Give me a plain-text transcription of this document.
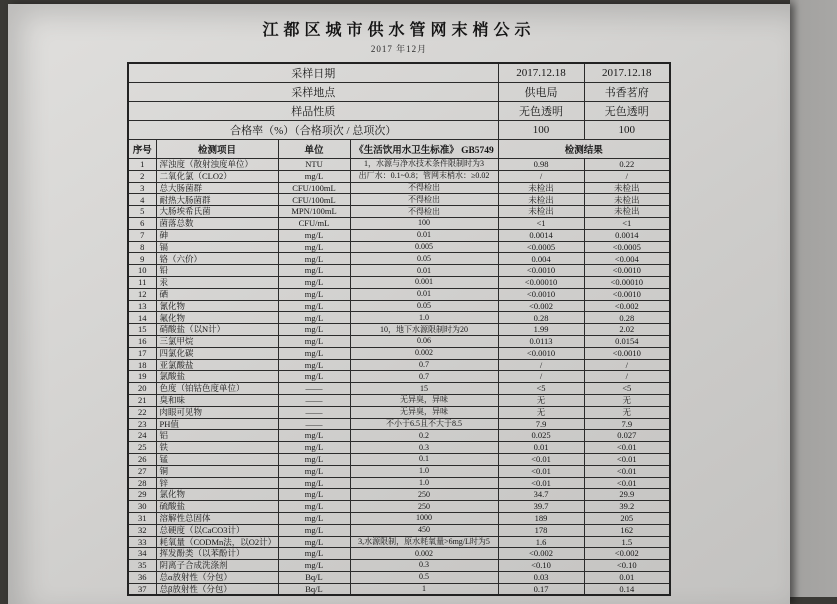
江都区城市供水管网末梢公示
2017 年12月
采样日期				2017.12.18	2017.12.18
采样地点				供电局	书香茗府
样品性质				无色透明	无色透明
合格率（%）（合格项次 / 总项次）				100	100
序号	检测项目	单位	《生活饮用水卫生标准》 GB5749	检测结果	
1	浑浊度（散射浊度单位）	NTU	1，水源与净水技术条件限制时为3	0.98	0.22
2	二氧化氯（CLO2）	mg/L	出厂水：0.1~0.8；管网末梢水：≥0.02	/	/
3	总大肠菌群	CFU/100mL	不得检出	未检出	未检出
4	耐热大肠菌群	CFU/100mL	不得检出	未检出	未检出
5	大肠埃希氏菌	MPN/100mL	不得检出	未检出	未检出
6	菌落总数	CFU/mL	100	<1	<1
7	砷	mg/L	0.01	0.0014	0.0014
8	镉	mg/L	0.005	<0.0005	<0.0005
9	铬（六价）	mg/L	0.05	0.004	<0.004
10	铅	mg/L	0.01	<0.0010	<0.0010
11	汞	mg/L	0.001	<0.00010	<0.00010
12	硒	mg/L	0.01	<0.0010	<0.0010
13	氰化物	mg/L	0.05	<0.002	<0.002
14	氟化物	mg/L	1.0	0.28	0.28
15	硝酸盐（以N计）	mg/L	10，地下水源限制时为20	1.99	2.02
16	三氯甲烷	mg/L	0.06	0.0113	0.0154
17	四氯化碳	mg/L	0.002	<0.0010	<0.0010
18	亚氯酸盐	mg/L	0.7	/	/
19	氯酸盐	mg/L	0.7	/	/
20	色度（铂钴色度单位）	——	15	<5	<5
21	臭和味	——	无异臭，异味	无	无
22	肉眼可见物	——	无异臭，异味	无	无
23	PH值	——	不小于6.5且不大于8.5	7.9	7.9
24	铝	mg/L	0.2	0.025	0.027
25	铁	mg/L	0.3	0.01	<0.01
26	锰	mg/L	0.1	<0.01	<0.01
27	铜	mg/L	1.0	<0.01	<0.01
28	锌	mg/L	1.0	<0.01	<0.01
29	氯化物	mg/L	250	34.7	29.9
30	硫酸盐	mg/L	250	39.7	39.2
31	溶解性总固体	mg/L	1000	189	205
32	总硬度（以CaCO3计）	mg/L	450	178	162
33	耗氧量（CODMn法，以O2计）	mg/L	3,水源限制，原水耗氧量>6mg/L时为5	1.6	1.5
34	挥发酚类（以苯酚计）	mg/L	0.002	<0.002	<0.002
35	阴离子合成洗涤剂	mg/L	0.3	<0.10	<0.10
36	总α放射性（分包）	Bq/L	0.5	0.03	0.01
37	总β放射性（分包）	Bq/L	1	0.17	0.14
